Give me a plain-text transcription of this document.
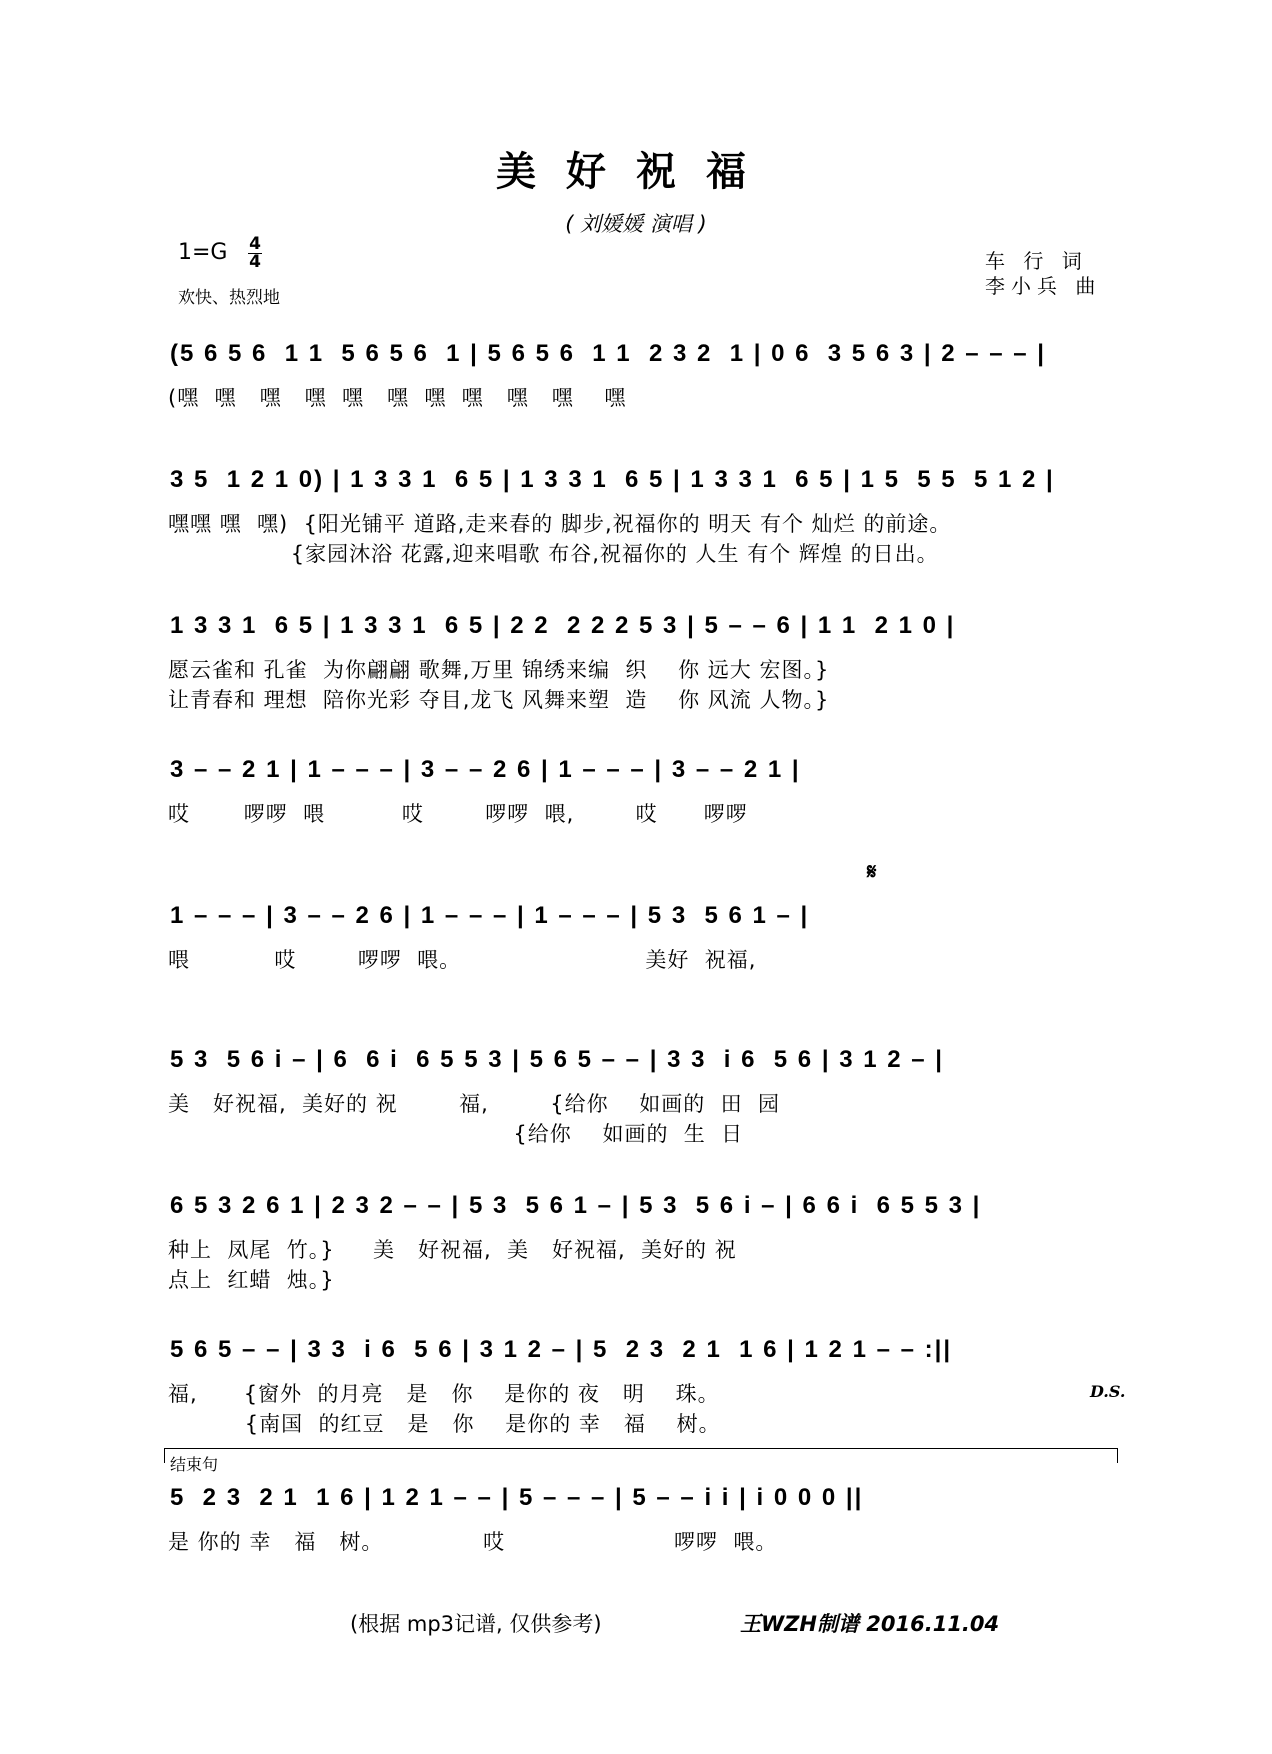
美好祝福
( 刘媛媛 演唱 )
1=G 4
4
欢快、热烈地
车 行 词
李小兵 曲
(5 6 5 6  1 1  5 6 5 6  1 | 5 6 5 6  1 1  2 3 2  1 | 0 6  3 5 6 3 | 2 – – – |
(嘿  嘿   嘿   嘿  嘿   嘿  嘿  嘿   嘿   嘿    嘿
3 5  1 2 1 0) | 1 3 3 1  6 5 | 1 3 3 1  6 5 | 1 3 3 1  6 5 | 1 5  5 5  5 1 2 |
嘿嘿 嘿  嘿)  {阳光铺平 道路,走来春的 脚步,祝福你的 明天 有个 灿烂 的前途。
{家园沐浴 花露,迎来唱歌 布谷,祝福你的 人生 有个 辉煌 的日出。
1 3 3 1  6 5 | 1 3 3 1  6 5 | 2 2  2 2 2 5 3 | 5 – – 6 | 1 1  2 1 0 |
愿云雀和 孔雀  为你翩翩 歌舞,万里 锦绣来编  织    你 远大 宏图。}
让青春和 理想  陪你光彩 夺目,龙飞 风舞来塑  造    你 风流 人物。}
3 – – 2 1 | 1 – – – | 3 – – 2 6 | 1 – – – | 3 – – 2 1 |
哎       啰啰  喂          哎        啰啰  喂,        哎      啰啰
𝄋
1 – – – | 3 – – 2 6 | 1 – – – | 1 – – – | 5 3  5 6 1 – |
喂           哎        啰啰  喂。                        美好  祝福,
5 3  5 6 i – | 6  6 i  6 5 5 3 | 5 6 5 – – | 3 3  i 6  5 6 | 3 1 2 – |
美   好祝福,  美好的 祝        福,        {给你    如画的  田  园
{给你    如画的  生  日
6 5 3 2 6 1 | 2 3 2 – – | 5 3  5 6 1 – | 5 3  5 6 i – | 6 6 i  6 5 5 3 |
种上  凤尾  竹。}     美   好祝福,  美   好祝福,  美好的 祝
点上  红蜡  烛。}
5 6 5 – – | 3 3  i 6  5 6 | 3 1 2 – | 5  2 3  2 1  1 6 | 1 2 1 – – :||
福,      {窗外  的月亮   是   你    是你的 夜   明    珠。
{南国  的红豆   是   你    是你的 幸   福    树。
D.S.
结束句
5  2 3  2 1  1 6 | 1 2 1 – – | 5 – – – | 5 – – i i | i 0 0 0 ||
是 你的 幸   福   树。             哎                      啰啰  喂。
(根据 mp3记谱, 仅供参考)	王WZH制谱 2016.11.04
